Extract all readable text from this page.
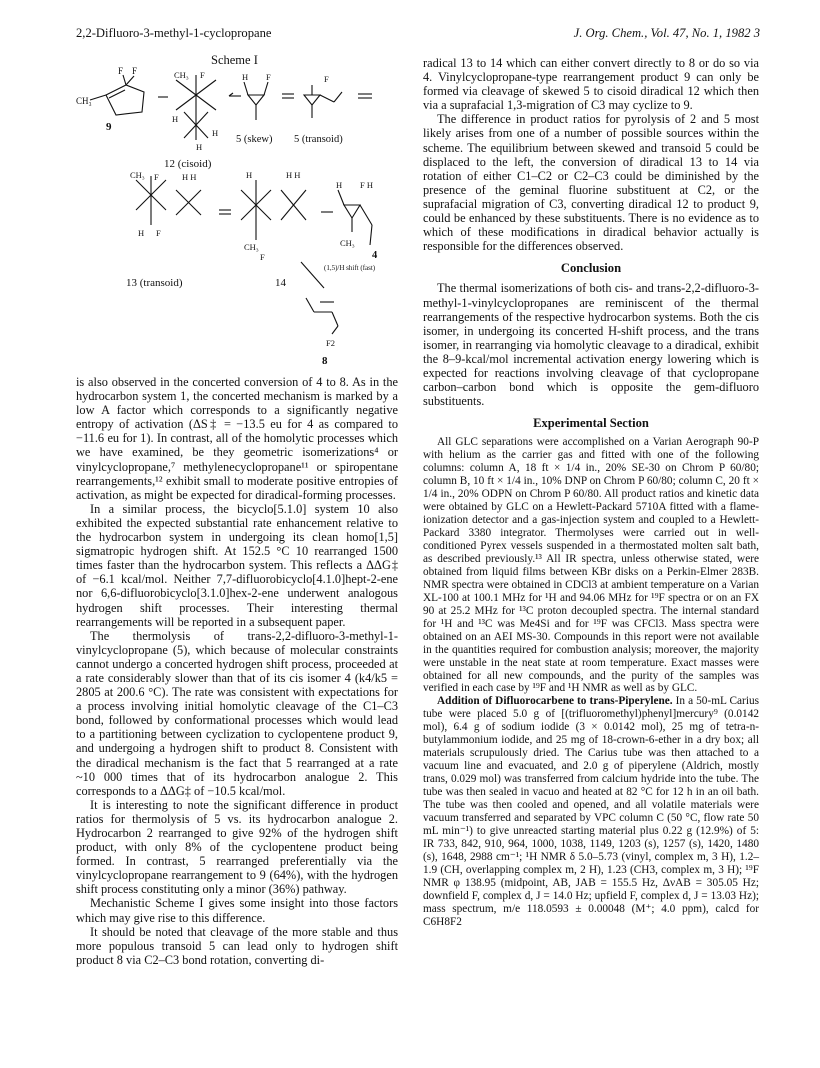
2,2-Difluoro-3-methyl-1-cyclopropane	J. Org. Chem., Vol. 47, No. 1, 1982 3
Scheme I
CH₃
F F
9
CH₃ F
H
H
H
12 (cisoid)
H F
5 (skew)
F
5 (transoid)
CH₃ F	H H
H F
13 (transoid)
H	H H
CH₃
F
14
H F H
CH₃
4
(1,5)/H shift (fast)
F2
8

is also observed in the concerted conversion of 4 to 8. As in the hydrocarbon system 1, the concerted mechanism is marked by a low A factor which corresponds to a significantly negative entropy of activation (ΔS‡ = −13.5 eu for 4 as compared to −11.6 eu for 1). In contrast, all of the homolytic processes which we have examined, be they geometric isomerizations⁴ or vinylcyclopropane,⁷ methylenecyclopropane¹¹ or spiropentane rearrangements,¹² exhibit small to moderate positive entropies of activation, as might be expected for diradical-forming processes.

In a similar process, the bicyclo[5.1.0] system 10 also exhibited the expected substantial rate enhancement relative to the hydrocarbon system in undergoing its clean homo[1,5] sigmatropic hydrogen shift. At 152.5 °C 10 rearranged 1500 times faster than the hydrocarbon system. This reflects a ΔΔG‡ of −6.1 kcal/mol. Neither 7,7-difluorobicyclo[4.1.0]hept-2-ene nor 6,6-difluorobicyclo[3.1.0]hex-2-ene underwent analogous hydrogen shift processes. Their interesting thermal rearrangements will be reported in a subsequent paper.

The thermolysis of trans-2,2-difluoro-3-methyl-1-vinylcyclopropane (5), which because of molecular constraints cannot undergo a concerted hydrogen shift process, proceeded at a rate considerably slower than that of its cis isomer 4 (k4/k5 = 2805 at 200.6 °C). The rate was consistent with expectations for a process involving initial homolytic cleavage of the C1–C3 bond, followed by conformational processes which would lead to a partitioning between cyclization to cyclopentene product 9, and undergoing a hydrogen shift to product 8. Consistent with the diradical mechanism is the fact that 5 rearranged at a rate ~10 000 times that of its hydrocarbon analogue 2. This corresponds to a ΔΔG‡ of −10.5 kcal/mol.

It is interesting to note the significant difference in product ratios for thermolysis of 5 vs. its hydrocarbon analogue 2. Hydrocarbon 2 rearranged to give 92% of the hydrogen shift product, with only 8% of the cyclopentene product being formed. In contrast, 5 rearranged preferentially via the vinylcyclopropane rearrangement to 9 (64%), with the hydrogen shift process constituting only a minor (36%) pathway.

Mechanistic Scheme I gives some insight into those factors which may give rise to this difference.

It should be noted that cleavage of the more stable and thus more populous transoid 5 can lead only to hydrogen shift product 8 via C2–C3 bond rotation, converting di-

radical 13 to 14 which can either convert directly to 8 or do so via 4. Vinylcyclopropane-type rearrangement product 9 can only be formed via cleavage of skewed 5 to cisoid diradical 12 which then via a suprafacial 1,3-migration of C3 may cyclize to 9.

The difference in product ratios for pyrolysis of 2 and 5 most likely arises from one of a number of possible sources within the scheme. The equilibrium between skewed and transoid 5 could be displaced to the left, the conversion of diradical 13 to 14 via rotation of either C1–C2 or C2–C3 could be diminished by the presence of the geminal fluorine substituent at C2, or the suprafacial migration of C3, converting diradical 12 to product 9, could be enhanced by these substituents. There is no evidence as to which of these modifications in diradical behavior actually is responsible for the differences observed.

Conclusion

The thermal isomerizations of both cis- and trans-2,2-difluoro-3-methyl-1-vinylcyclopropanes are reminiscent of the thermal rearrangements of the respective hydrocarbon systems. Both the cis isomer, in undergoing its concerted H-shift process, and the trans isomer, in rearranging via homolytic cleavage to a diradical, exhibit the 8–9-kcal/mol incremental activation energy lowering which is expected for reactions involving cleavage of that cyclopropane carbon–carbon bond which is opposite the gem-difluoro substituents.

Experimental Section

All GLC separations were accomplished on a Varian Aerograph 90-P with helium as the carrier gas and fitted with one of the following columns: column A, 18 ft × 1/4 in., 20% SE-30 on Chrom P 60/80; column B, 10 ft × 1/4 in., 10% DNP on Chrom P 60/80; column C, 20 ft × 1/4 in., 20% ODPN on Chrom P 60/80. All product ratios and kinetic data were obtained by GLC on a Hewlett-Packard 5710A fitted with a flame-ionization detector and a gas-injection system and coupled to a Hewlett-Packard 3380 integrator. Thermolyses were carried out in well-conditioned Pyrex vessels suspended in a thermostated molten salt bath, as described previously.¹³ All IR spectra, unless otherwise stated, were obtained from liquid films between KBr disks on a Perkin-Elmer 283B. NMR spectra were obtained in CDCl3 at ambient temperature on a Varian XL-100 at 100.1 MHz for ¹H and 94.06 MHz for ¹⁹F spectra or on an FX 90 at 25.2 MHz for ¹³C proton decoupled spectra. The internal standard for ¹H and ¹³C was Me4Si and for ¹⁹F was CFCl3. Mass spectra were obtained on an AEI MS-30. Compounds in this report were not available in the quantities required for combustion analysis; moreover, the majority were unstable in the neat state at room temperature. Exact masses were obtained for all new compounds, and the purity of the samples was verified in each case by ¹⁹F and ¹H NMR as well as by GLC.

Addition of Difluorocarbene to trans-Piperylene. In a 50-mL Carius tube were placed 5.0 g of [(trifluoromethyl)phenyl]mercury⁹ (0.0142 mol), 6.4 g of sodium iodide (3 × 0.0142 mol), 25 mg of tetra-n-butylammonium iodide, and 25 mg of 18-crown-6-ether in a dry box; all materials scrupulously dried. The Carius tube was then attached to a vacuum line and evacuated, and 2.0 g of piperylene (Aldrich, mostly trans, 0.029 mol) was transferred from calcium hydride into the tube. The tube was then sealed in vacuo and heated at 82 °C for 12 h in an oil bath. The tube was then cooled and opened, and all volatile materials were vacuum transferred and separated by VPC column C (50 °C, flow rate 50 mL min⁻¹) to give unreacted starting material plus 0.22 g (12.9%) of 5: IR 733, 842, 910, 964, 1000, 1038, 1149, 1203 (s), 1257 (s), 1420, 1480 (s), 1648, 2988 cm⁻¹; ¹H NMR δ 5.0–5.73 (vinyl, complex m, 3 H), 1.2–1.9 (CH, overlapping complex m, 2 H), 1.23 (CH3, complex m, 3 H); ¹⁹F NMR φ 138.95 (midpoint, AB, JAB = 155.5 Hz, ΔνAB = 305.05 Hz; downfield F, complex d, J = 14.0 Hz; upfield F, complex d, J = 13.03 Hz); mass spectrum, m/e 118.0593 ± 0.00048 (M⁺; 4.0 ppm), calcd for C6H8F2
